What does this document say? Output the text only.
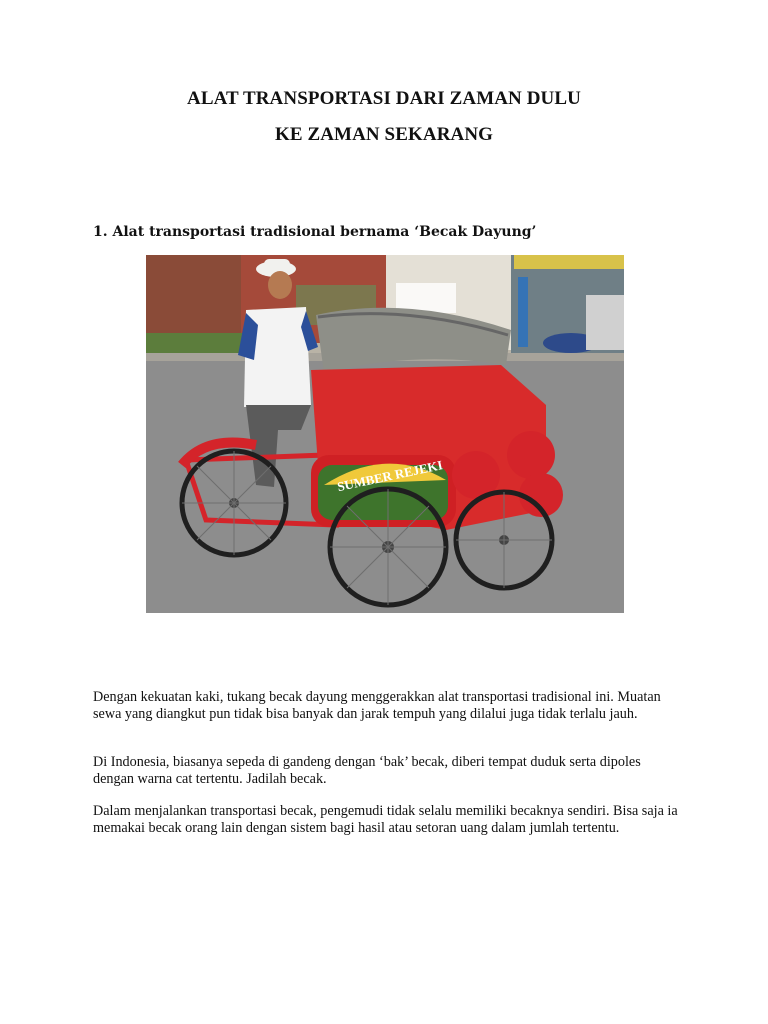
ALAT TRANSPORTASI DARI ZAMAN DULU
KE ZAMAN SEKARANG
1. Alat transportasi tradisional bernama ‘Becak Dayung’
SUMBER REJEKI

Dengan kekuatan kaki, tukang becak dayung menggerakkan alat transportasi tradisional ini. Muatan sewa yang diangkut pun tidak bisa banyak dan jarak tempuh yang dilalui juga tidak terlalu jauh.

Di Indonesia, biasanya sepeda di gandeng dengan ‘bak’ becak, diberi tempat duduk serta dipoles dengan warna cat tertentu. Jadilah becak.

Dalam menjalankan transportasi becak, pengemudi tidak selalu memiliki becaknya sendiri. Bisa saja ia memakai becak orang lain dengan sistem bagi hasil atau setoran uang dalam jumlah tertentu.
